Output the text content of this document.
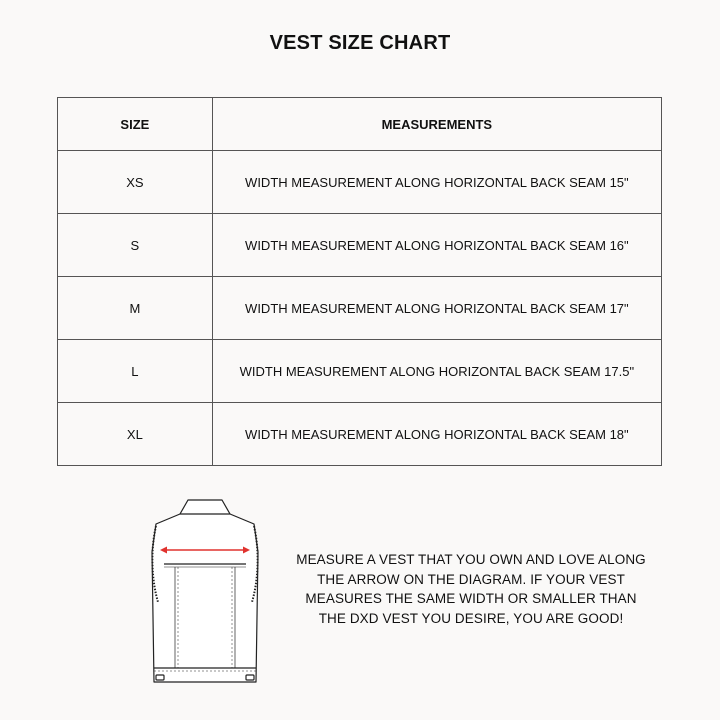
VEST SIZE CHART
SIZE	MEASUREMENTS
XS	WIDTH MEASUREMENT ALONG HORIZONTAL BACK SEAM 15"
S	WIDTH MEASUREMENT ALONG HORIZONTAL BACK SEAM 16"
M	WIDTH MEASUREMENT ALONG HORIZONTAL BACK SEAM 17"
L	WIDTH MEASUREMENT ALONG HORIZONTAL BACK SEAM 17.5"
XL	WIDTH MEASUREMENT ALONG HORIZONTAL BACK SEAM 18"
MEASURE A VEST THAT YOU OWN AND LOVE ALONG
THE ARROW ON THE DIAGRAM. IF YOUR VEST
MEASURES THE SAME WIDTH OR SMALLER THAN
THE DXD VEST YOU DESIRE, YOU ARE GOOD!
